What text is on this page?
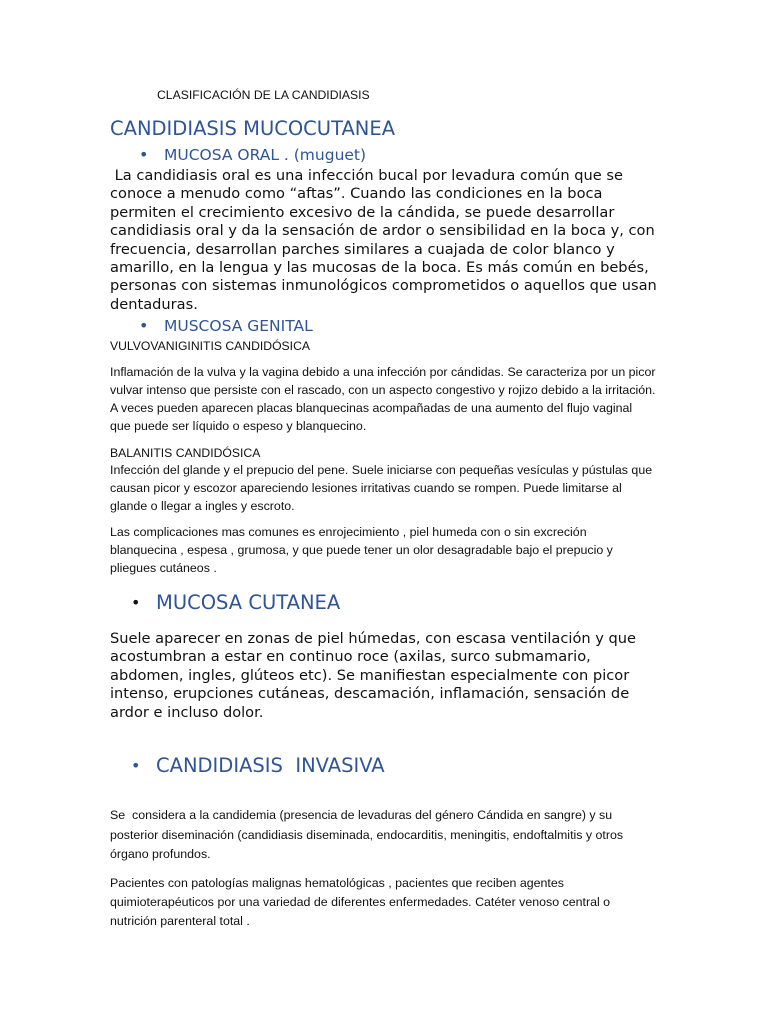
CLASIFICACIÓN DE LA CANDIDIASIS
CANDIDIASIS MUCOCUTANEA
• MUCOSA ORAL . (muguet)

La candidiasis oral es una infección bucal por levadura común que se conoce a menudo como “aftas”. Cuando las condiciones en la boca permiten el crecimiento excesivo de la cándida, se puede desarrollar candidiasis oral y da la sensación de ardor o sensibilidad en la boca y, con frecuencia, desarrollan parches similares a cuajada de color blanco y amarillo, en la lengua y las mucosas de la boca. Es más común en bebés, personas con sistemas inmunológicos comprometidos o aquellos que usan dentaduras.

• MUSCOSA GENITAL
VULVOVANIGINITIS CANDIDÓSICA

Inflamación de la vulva y la vagina debido a una infección por cándidas. Se caracteriza por un picor vulvar intenso que persiste con el rascado, con un aspecto congestivo y rojizo debido a la irritación. A veces pueden aparecen placas blanquecinas acompañadas de una aumento del flujo vaginal que puede ser líquido o espeso y blanquecino.

BALANITIS CANDIDÓSICA

Infección del glande y el prepucio del pene. Suele iniciarse con pequeñas vesículas y pústulas que causan picor y escozor apareciendo lesiones irritativas cuando se rompen. Puede limitarse al glande o llegar a ingles y escroto.

Las complicaciones mas comunes es enrojecimiento , piel humeda con o sin excreción blanquecina , espesa , grumosa, y que puede tener un olor desagradable bajo el prepucio y pliegues cutáneos .

• MUCOSA CUTANEA

Suele aparecer en zonas de piel húmedas, con escasa ventilación y que acostumbran a estar en continuo roce (axilas, surco submamario, abdomen, ingles, glúteos etc). Se manifiestan especialmente con picor intenso, erupciones cutáneas, descamación, inflamación, sensación de ardor e incluso dolor.

• CANDIDIASIS  INVASIVA

Se  considera a la candidemia (presencia de levaduras del género Cándida en sangre) y su posterior diseminación (candidiasis diseminada, endocarditis, meningitis, endoftalmitis y otros órgano profundos.

Pacientes con patologías malignas hematológicas , pacientes que reciben agentes quimioterapéuticos por una variedad de diferentes enfermedades. Catéter venoso central o nutrición parenteral total .
